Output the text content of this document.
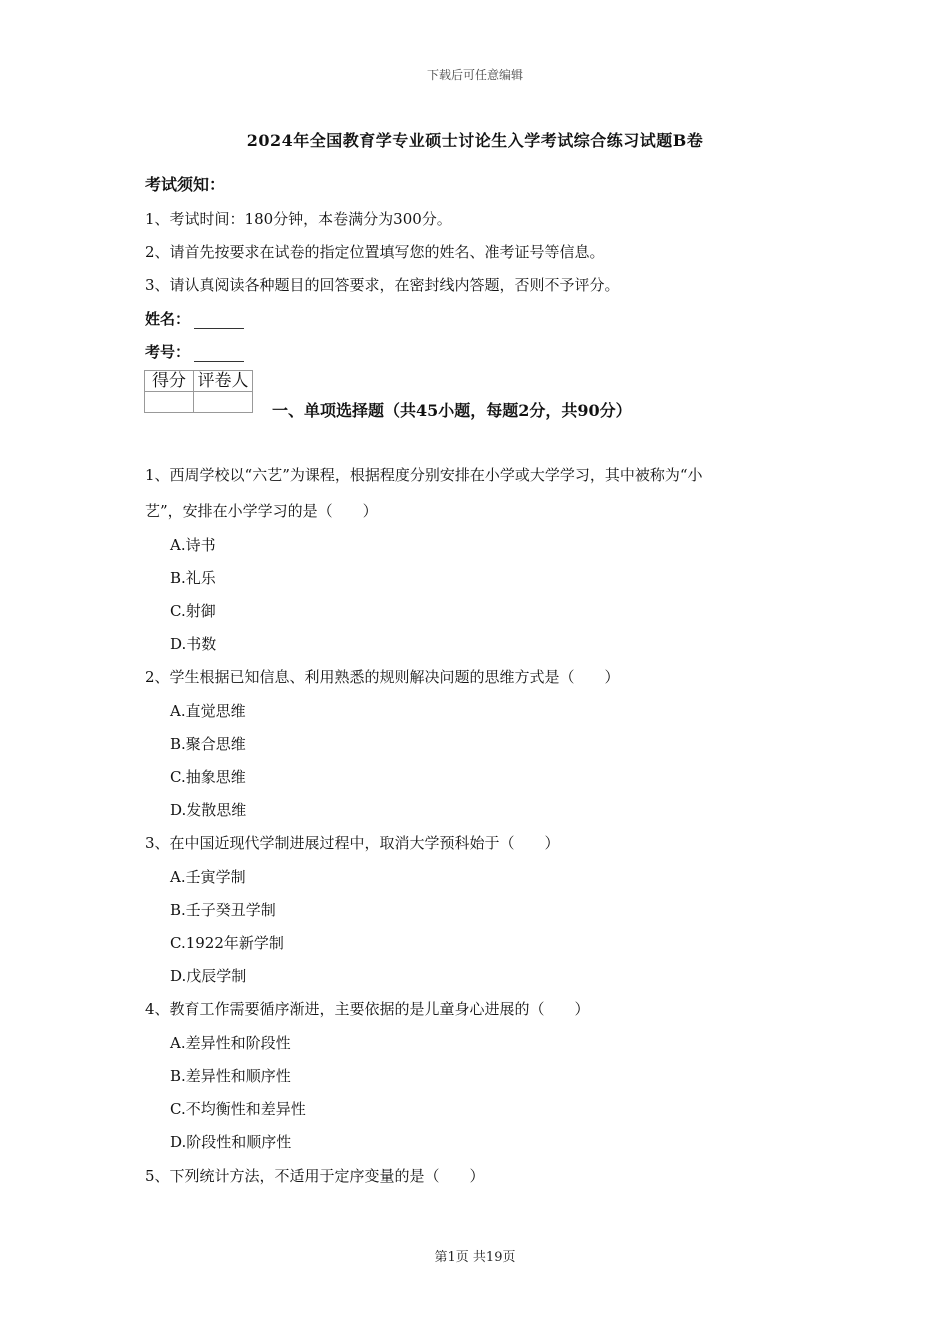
下载后可任意编辑
2024年全国教育学专业硕士讨论生入学考试综合练习试题B卷
考试须知：
1、考试时间：180分钟，本卷满分为300分。
2、请首先按要求在试卷的指定位置填写您的姓名、准考证号等信息。
3、请认真阅读各种题目的回答要求，在密封线内答题，否则不予评分。
姓名：
考号：
得分	评卷人

一、单项选择题（共45小题，每题2分，共90分）
1、西周学校以“六艺”为课程，根据程度分别安排在小学或大学学习，其中被称为“小
艺”，安排在小学学习的是（　　）
A.诗书
B.礼乐
C.射御
D.书数
2、学生根据已知信息、利用熟悉的规则解决问题的思维方式是（　　）
A.直觉思维
B.聚合思维
C.抽象思维
D.发散思维
3、在中国近现代学制进展过程中，取消大学预科始于（　　）
A.壬寅学制
B.壬子癸丑学制
C.1922年新学制
D.戊辰学制
4、教育工作需要循序渐进，主要依据的是儿童身心进展的（　　）
A.差异性和阶段性
B.差异性和顺序性
C.不均衡性和差异性
D.阶段性和顺序性
5、下列统计方法，不适用于定序变量的是（　　）
第1页 共19页
